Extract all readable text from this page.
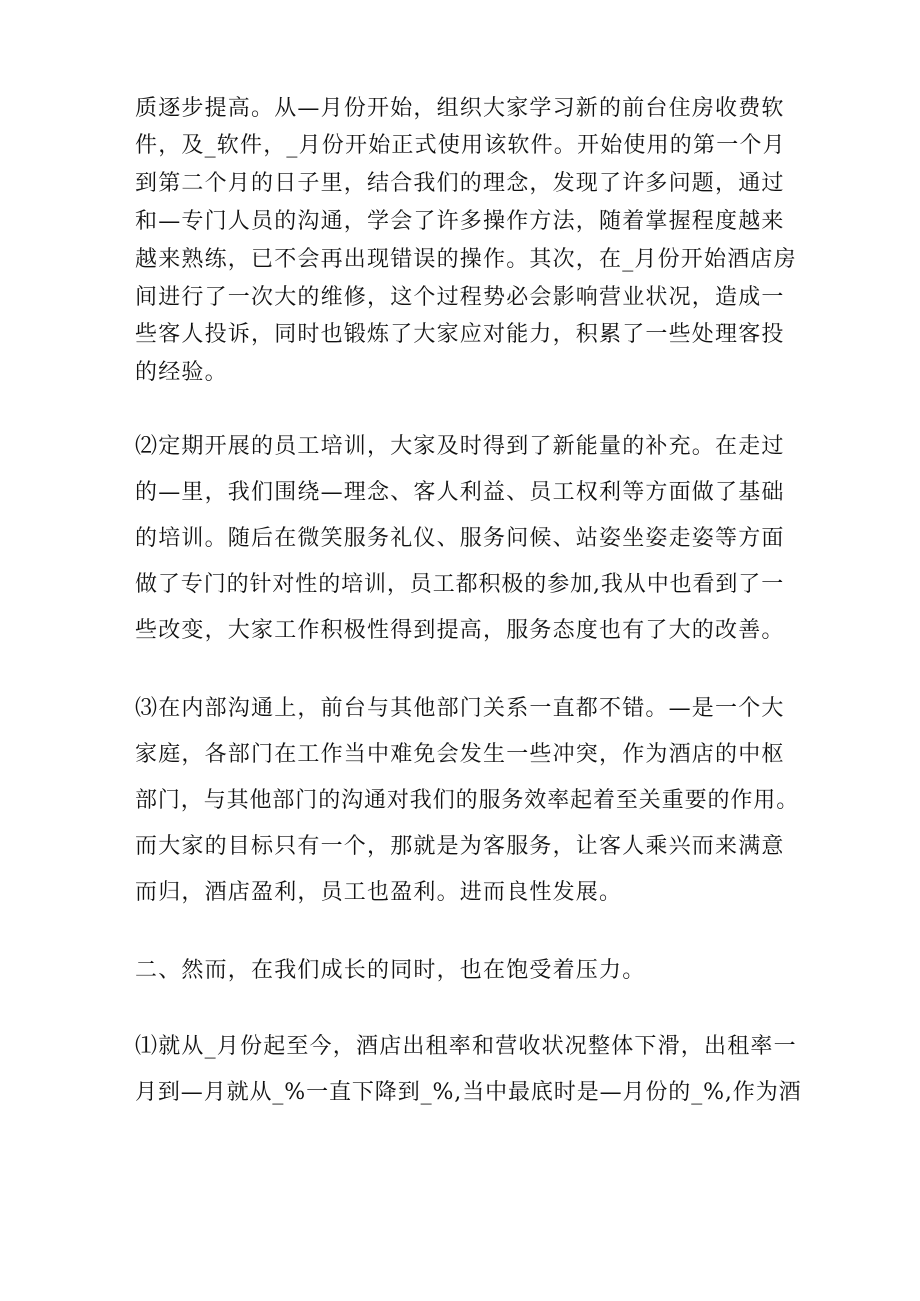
质逐步提高。从—月份开始，组织大家学习新的前台住房收费软
件，及_软件，_月份开始正式使用该软件。开始使用的第一个月
到第二个月的日子里，结合我们的理念，发现了许多问题，通过
和—专门人员的沟通，学会了许多操作方法，随着掌握程度越来
越来熟练，已不会再出现错误的操作。其次，在_月份开始酒店房
间进行了一次大的维修，这个过程势必会影响营业状况，造成一
些客人投诉，同时也锻炼了大家应对能力，积累了一些处理客投
的经验。
⑵定期开展的员工培训，大家及时得到了新能量的补充。在走过
的—里，我们围绕—理念、客人利益、员工权利等方面做了基础
的培训。随后在微笑服务礼仪、服务问候、站姿坐姿走姿等方面
做了专门的针对性的培训，员工都积极的参加,我从中也看到了一
些改变，大家工作积极性得到提高，服务态度也有了大的改善。
⑶在内部沟通上，前台与其他部门关系一直都不错。—是一个大
家庭，各部门在工作当中难免会发生一些冲突，作为酒店的中枢
部门，与其他部门的沟通对我们的服务效率起着至关重要的作用。
而大家的目标只有一个，那就是为客服务，让客人乘兴而来满意
而归，酒店盈利，员工也盈利。进而良性发展。
二、然而，在我们成长的同时，也在饱受着压力。
⑴就从_月份起至今，酒店出租率和营收状况整体下滑，出租率一
月到—月就从_%一直下降到_%,当中最底时是—月份的_%,作为酒
